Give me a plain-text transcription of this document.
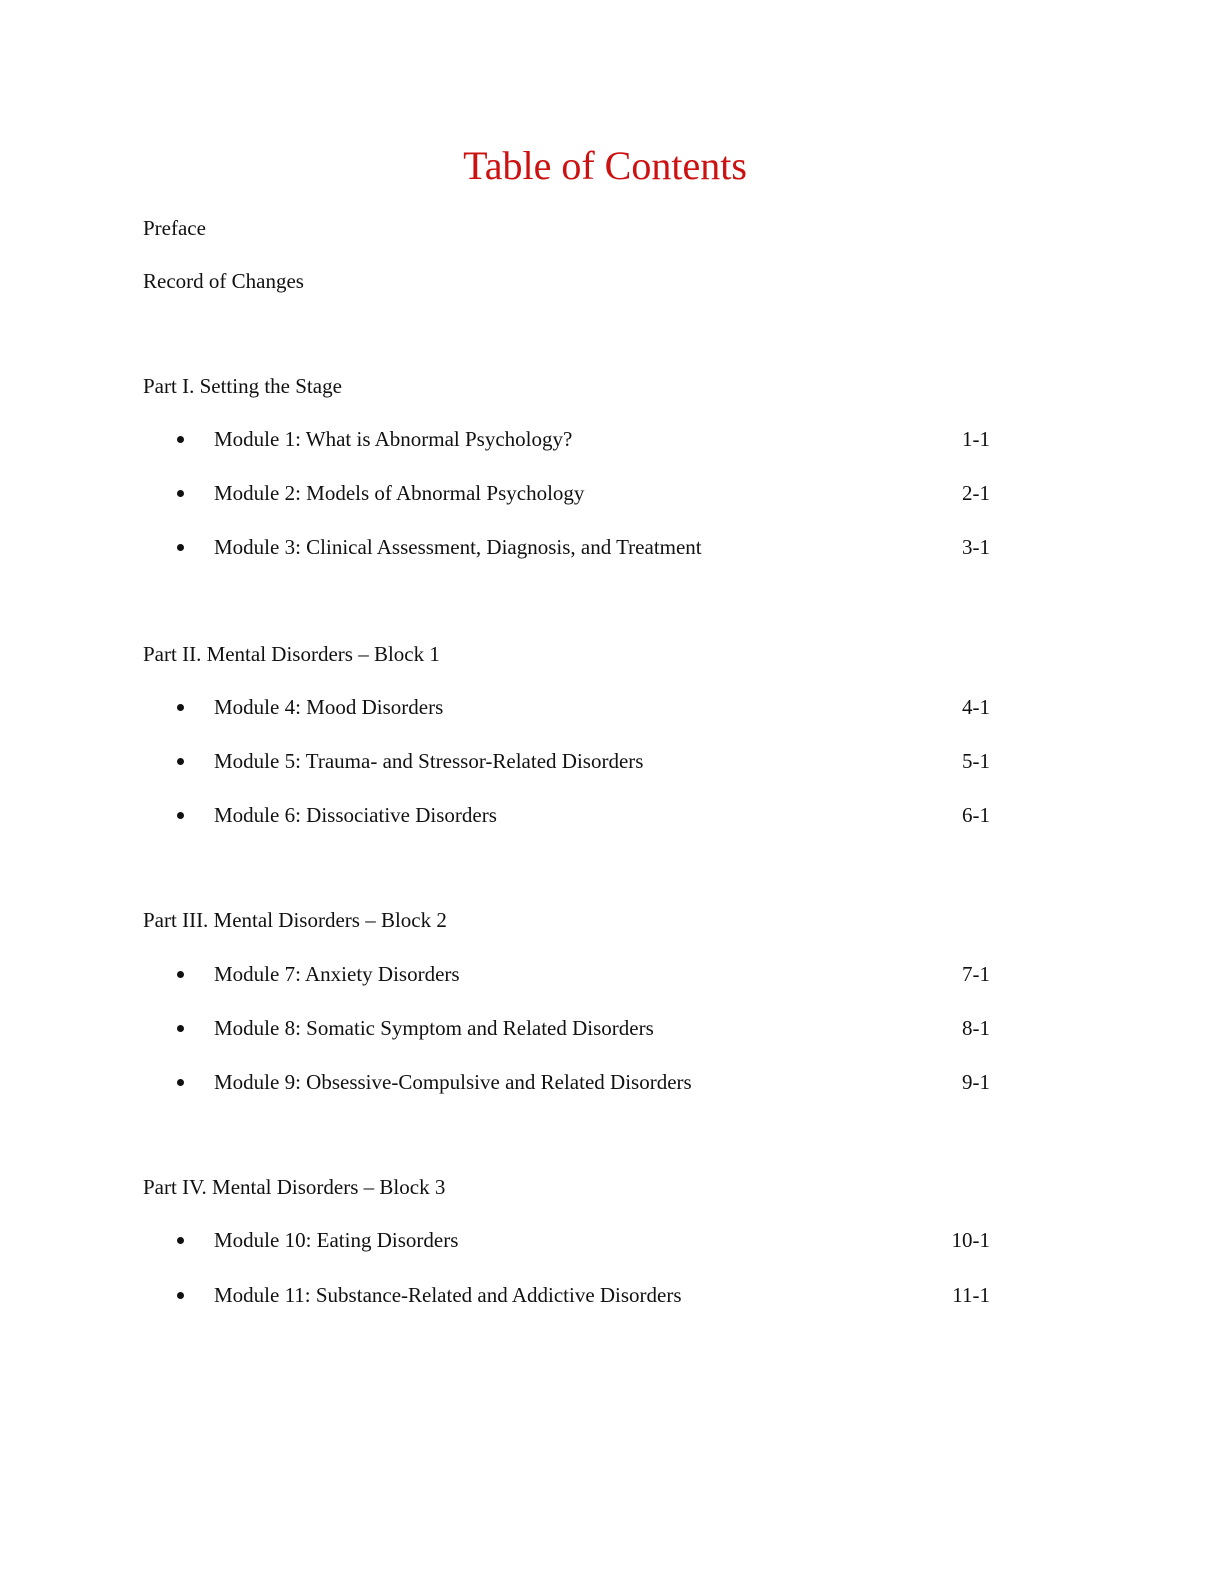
Table of Contents
Preface
Record of Changes
Part I. Setting the Stage
Module 1: What is Abnormal Psychology?	1-1
Module 2: Models of Abnormal Psychology	2-1
Module 3: Clinical Assessment, Diagnosis, and Treatment	3-1
Part II. Mental Disorders – Block 1
Module 4: Mood Disorders	4-1
Module 5: Trauma- and Stressor-Related Disorders	5-1
Module 6: Dissociative Disorders	6-1
Part III. Mental Disorders – Block 2
Module 7: Anxiety Disorders	7-1
Module 8: Somatic Symptom and Related Disorders	8-1
Module 9: Obsessive-Compulsive and Related Disorders	9-1
Part IV. Mental Disorders – Block 3
Module 10: Eating Disorders	10-1
Module 11: Substance-Related and Addictive Disorders	11-1
